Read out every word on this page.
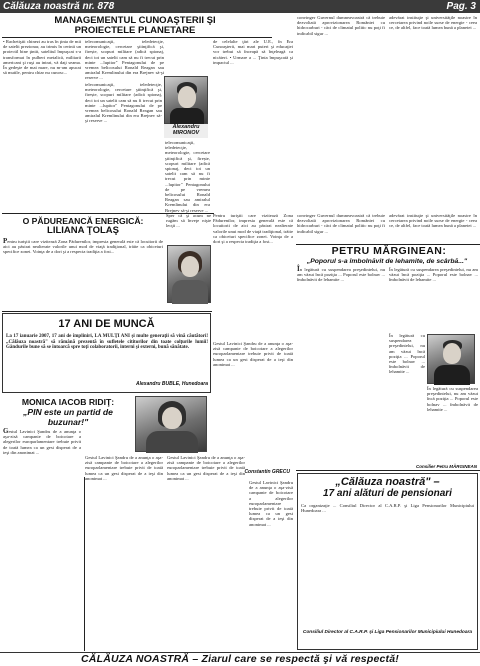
Călăuza noastră nr. 878	Pag. 3
MANAGEMENTUL CUNOAŞTERII ŞI
PROIECTELE PLANETARE
• Rachetiştii chinezi au tras în ţinta de mii de satelit prezionar, au trimis în cerinii un proiectil bine ţintit, satelitul împuşcat s-a transformat în pulberi metalică, militarii americani şi ruşi au intrat, vă daţi seama. În gedeşte de mai mare, nu m-am apucat să mutile, pentru chiar nu cunosc...
telecomunicaţii, teledetecţie, meteorologie, cercetare ştiinţifică şi, firește, scopuri militare (adică spionaj, deci tot un satelit cam să nu fi trecut prin minte ...lupitor" Pentagonului de pe vremea belicosului Ronald Reagan sau amiralul Kremlinului din era Brejnev să-şi reserve ...
Alexandru
MIRONOV
telecomunicaţii, teledetecţie, meteorologie, cercetare ştiinţifică şi, firește, scopuri militare (adică spionaj, deci tot un satelit cam să nu fi trecut prin minte ...lupitor" Pentagonului de pe vremea belicosului Ronald Reagan sau amiralul Kremlinului din era Brejnev să-şi reserve ...
telecomunicaţii, teledetecţie, meteorologie, cercetare ştiinţifică şi, firește, scopuri militare (adică spionaj, deci tot un satelit cam să nu fi trecut prin minte ...lupitor" Pentagonului de pe vremea belicosului Ronald Reagan sau amiralul Kremlinului din era Brejnev să-şi reserve ...
de celelalte ţări ale U.E., în Era Cunoaşterii, mai mari puteri şi educaţiei vor trebui să înceapă să înţeleagă ca nicăieri. • Urmare a ... Ţinta împuşcată şi impactul ...
convinger Guvernul dumneavoastră că trebuie dezvoltată aprovizionarea României cu hidrocarburi - căci de climatul politic nu poţi fi indicabil sigur ...
adevărat instituţie şi universităţile noastre în cercetarea privind noile surse de energie - ceea ce, de altfel, face toată lumea bună a planetei ...
O PĂDUREANCĂ ENERGICĂ:
LILIANA ŢOLAŞ
Pentru turiştii care vizitează Zona Pădurenilor, impresia generală este că locuitorii de aici au păstrat nealterate valorile unui mod de viaţă tradiţional, trăite ca obiceiuri specifice zonei. Voinţa de a dori şi a respecta tradiţia a fost...
Sper că şi acum ne rugăm să înveţe nişte lecţii ...
Pentru turiştii care vizitează Zona Pădurenilor, impresia generală este că locuitorii de aici au păstrat nealterate valorile unui mod de viaţă tradiţional, trăite ca obiceiuri specifice zonei. Voinţa de a dori şi a respecta tradiţia a fost...
convinger Guvernul dumneavoastră că trebuie dezvoltată aprovizionarea României cu hidrocarburi - căci de climatul politic nu poţi fi indicabil sigur ...
adevărat instituţie şi universităţile noastre în cercetarea privind noile surse de energie - ceea ce, de altfel, face toată lumea bună a planetei ...
PETRU MĂRGINEAN:
„Poporul s-a îmbolnăvit de lehamite, de scârbă..."
În legătură cu suspendarea preşedintelui, nu am văzut încă poziţia ... Poporul este bolnav ... îmbolnăvit de lehamite ...
În legătură cu suspendarea preşedintelui, nu am văzut încă poziţia ... Poporul este bolnav ... îmbolnăvit de lehamite ...
În legătură cu suspendarea preşedintelui, nu am văzut încă poziţia ... Poporul este bolnav ... îmbolnăvit de lehamite ...
În legătură cu suspendarea preşedintelui, nu am văzut încă poziţia ... Poporul este bolnav ... îmbolnăvit de lehamite ...
17 ANI DE MUNCĂ
La 17 ianuarie 2007, 17 ani de împliniri, LA MULŢI ANI şi multe generaţii să vină căutători! „Călăuza noastră" să rămână prezentă în sufletele cititorilor din toate colţurile lumii! Gândurile bune să se întoarcă spre toţi colaboratorii, interni şi externi, bună sănătate.
Alexandru BUBLE, Hunedoara
MONICA IACOB RIDIŢ:
„PIN este un partid de
buzunar!"
Gestul Lavinici Şandru de a anunţa o aşa-zisă campanie de boicotare a alegerilor europarlamentare trebuie privit de toată lumea ca un gest disperat de a ieşi din anonimat ...
Gestul Lavinici Şandru de a anunţa o aşa-zisă campanie de boicotare a alegerilor europarlamentare trebuie privit de toată lumea ca un gest disperat de a ieşi din anonimat ...
Gestul Lavinici Şandru de a anunţa o aşa-zisă campanie de boicotare a alegerilor europarlamentare trebuie privit de toată lumea ca un gest disperat de a ieşi din anonimat ...
Gestul Lavinici Şandru de a anunţa o aşa-zisă campanie de boicotare a alegerilor europarlamentare trebuie privit de toată lumea ca un gest disperat de a ieşi din anonimat ...
Constantin GRECU
Gestul Lavinici Şandru de a anunţa o aşa-zisă campanie de boicotare a alegerilor europarlamentare trebuie privit de toată lumea ca un gest disperat de a ieşi din anonimat ...
Consilier Petru MĂRGINEAN
„Călăuza noastră" –
17 ani alături de pensionari
Ca organizaţie ... Consiliul Director al C.A.R.P. şi Liga Pensionarilor Municipiului Hunedoara ...
Consiliul Director al C.A.R.P. şi Liga Pensionarilor Municipiului Hunedoara
CĂLĂUZA NOASTRĂ – Ziarul care se respectă şi vă respectă!
